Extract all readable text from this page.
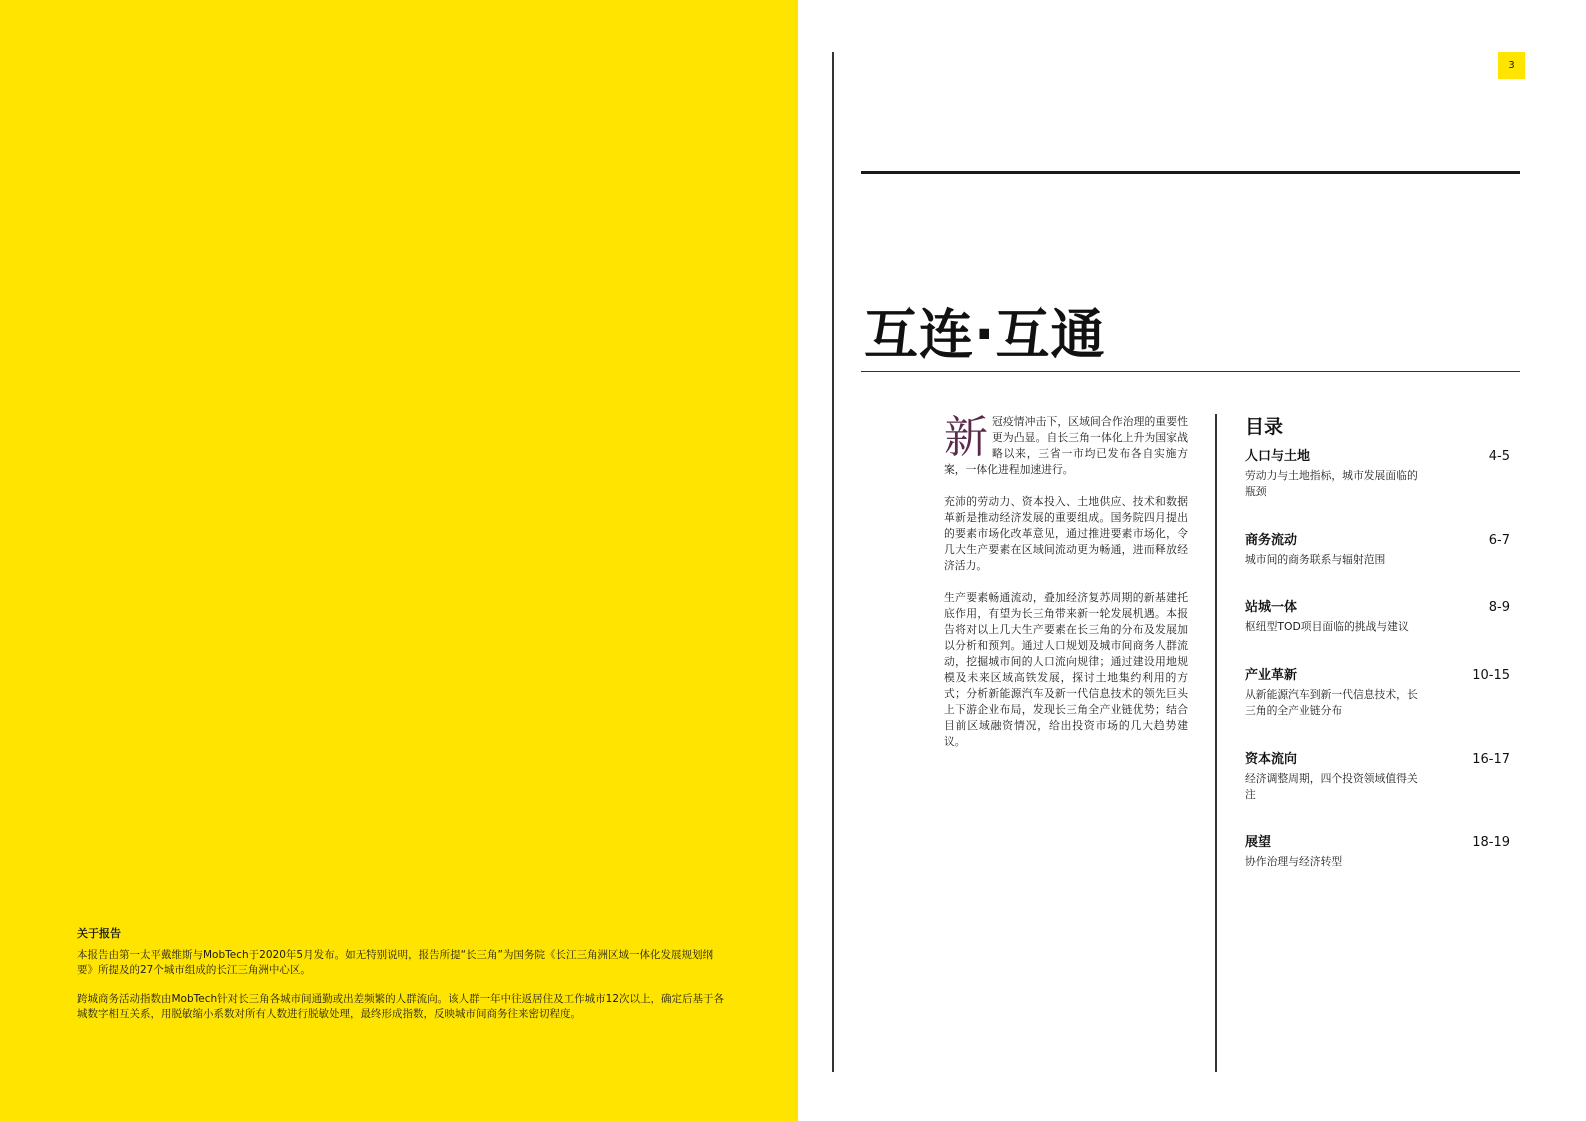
关于报告

本报告由第一太平戴维斯与MobTech于2020年5月发布。如无特别说明，报告所提“长三角”为国务院《长江三角洲区域一体化发展规划纲要》所提及的27个城市组成的长江三角洲中心区。

跨城商务活动指数由MobTech针对长三角各城市间通勤或出差频繁的人群流向。该人群一年中往返居住及工作城市12次以上，确定后基于各城数字相互关系，用脱敏缩小系数对所有人数进行脱敏处理，最终形成指数，反映城市间商务往来密切程度。

3
互连·互通

新冠疫情冲击下，区域间合作治理的重要性更为凸显。自长三角一体化上升为国家战略以来，三省一市均已发布各自实施方案，一体化进程加速进行。

充沛的劳动力、资本投入、土地供应、技术和数据革新是推动经济发展的重要组成。国务院四月提出的要素市场化改革意见，通过推进要素市场化，令几大生产要素在区域间流动更为畅通，进而释放经济活力。

生产要素畅通流动，叠加经济复苏周期的新基建托底作用，有望为长三角带来新一轮发展机遇。本报告将对以上几大生产要素在长三角的分布及发展加以分析和预判。通过人口规划及城市间商务人群流动，挖掘城市间的人口流向规律；通过建设用地规模及未来区域高铁发展，探讨土地集约利用的方式；分析新能源汽车及新一代信息技术的领先巨头上下游企业布局，发现长三角全产业链优势；结合目前区域融资情况，给出投资市场的几大趋势建议。

目录
人口与土地	4-5
劳动力与土地指标，城市发展面临的瓶颈
商务流动	6-7
城市间的商务联系与辐射范围
站城一体	8-9
枢纽型TOD项目面临的挑战与建议
产业革新	10-15
从新能源汽车到新一代信息技术，长三角的全产业链分布
资本流向	16-17
经济调整周期，四个投资领域值得关注
展望	18-19
协作治理与经济转型
